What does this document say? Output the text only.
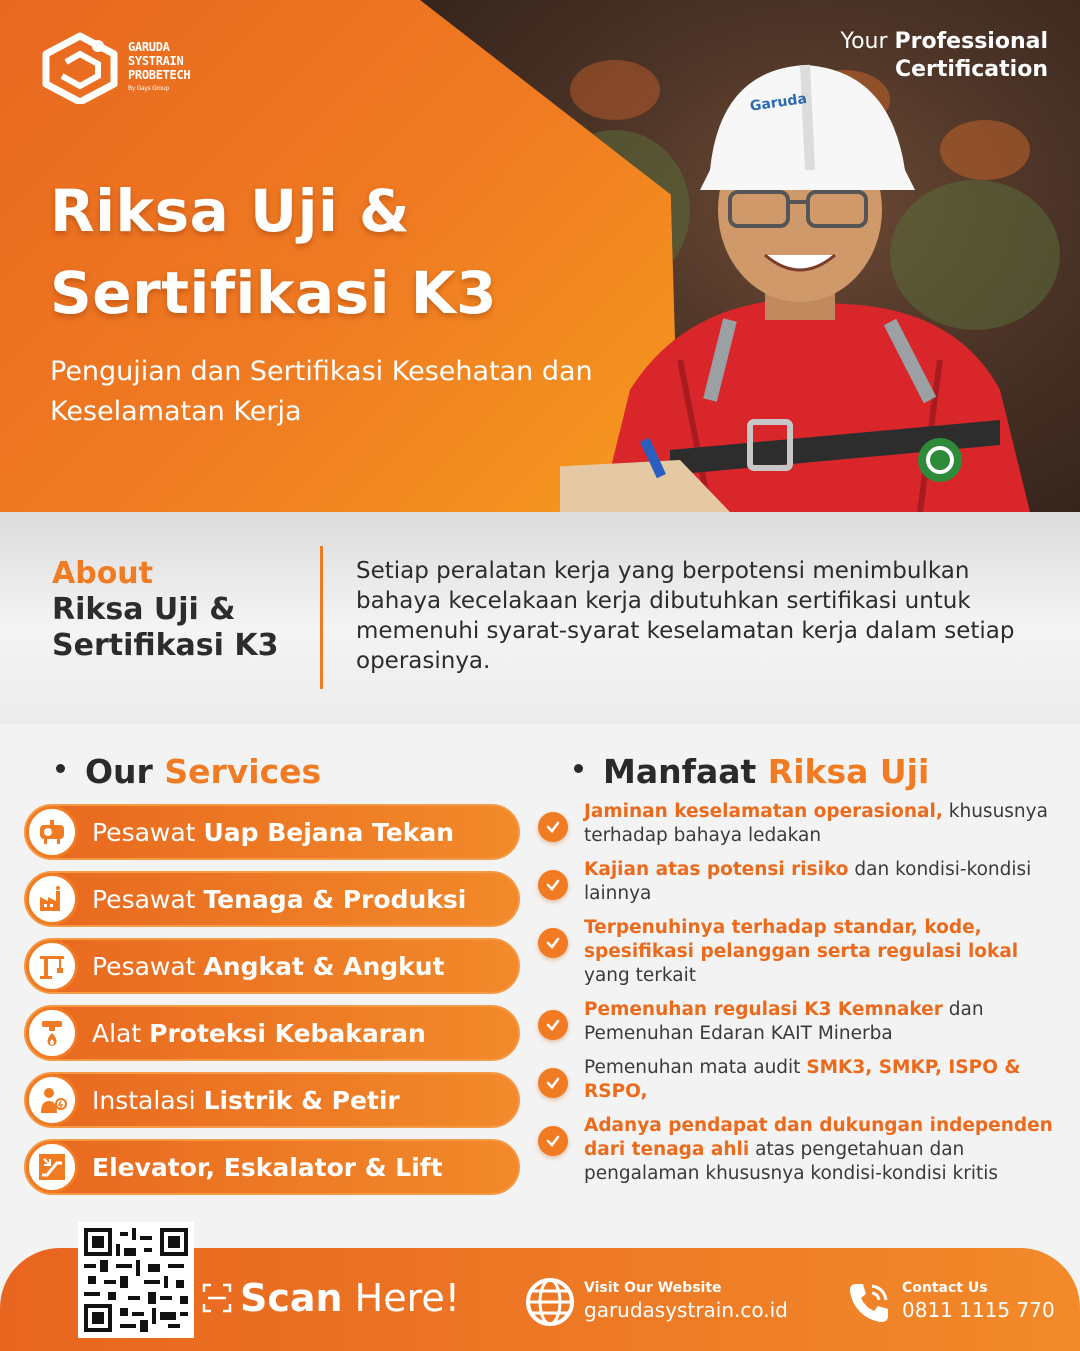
Garuda
GARUDA
SYSTRAIN
PROBETECH
By Gays Group
Your Professional
Certification
Riksa Uji &
Sertifikasi K3

Pengujian dan Sertifikasi Kesehatan dan Keselamatan Kerja

About
Riksa Uji &
Sertifikasi K3

Setiap peralatan kerja yang berpotensi menimbulkan bahaya kecelakaan kerja dibutuhkan sertifikasi untuk memenuhi syarat-syarat keselamatan kerja dalam setiap operasinya.

Our Services
Pesawat Uap Bejana Tekan
Pesawat Tenaga & Produksi
Pesawat Angkat & Angkut
Alat Proteksi Kebakaran
Instalasi Listrik & Petir
Elevator, Eskalator & Lift
Manfaat Riksa Uji
Jaminan keselamatan operasional, khususnya terhadap bahaya ledakan
Kajian atas potensi risiko dan kondisi-kondisi lainnya
Terpenuhinya terhadap standar, kode, spesifikasi pelanggan serta regulasi lokal yang terkait
Pemenuhan regulasi K3 Kemnaker dan Pemenuhan Edaran KAIT Minerba
Pemenuhan mata audit SMK3, SMKP, ISPO & RSPO,
Adanya pendapat dan dukungan independen dari tenaga ahli atas pengetahuan dan pengalaman khususnya kondisi-kondisi kritis
Scan Here!	Visit Our Website
garudasystrain.co.id
Contact Us
0811 1115 770
